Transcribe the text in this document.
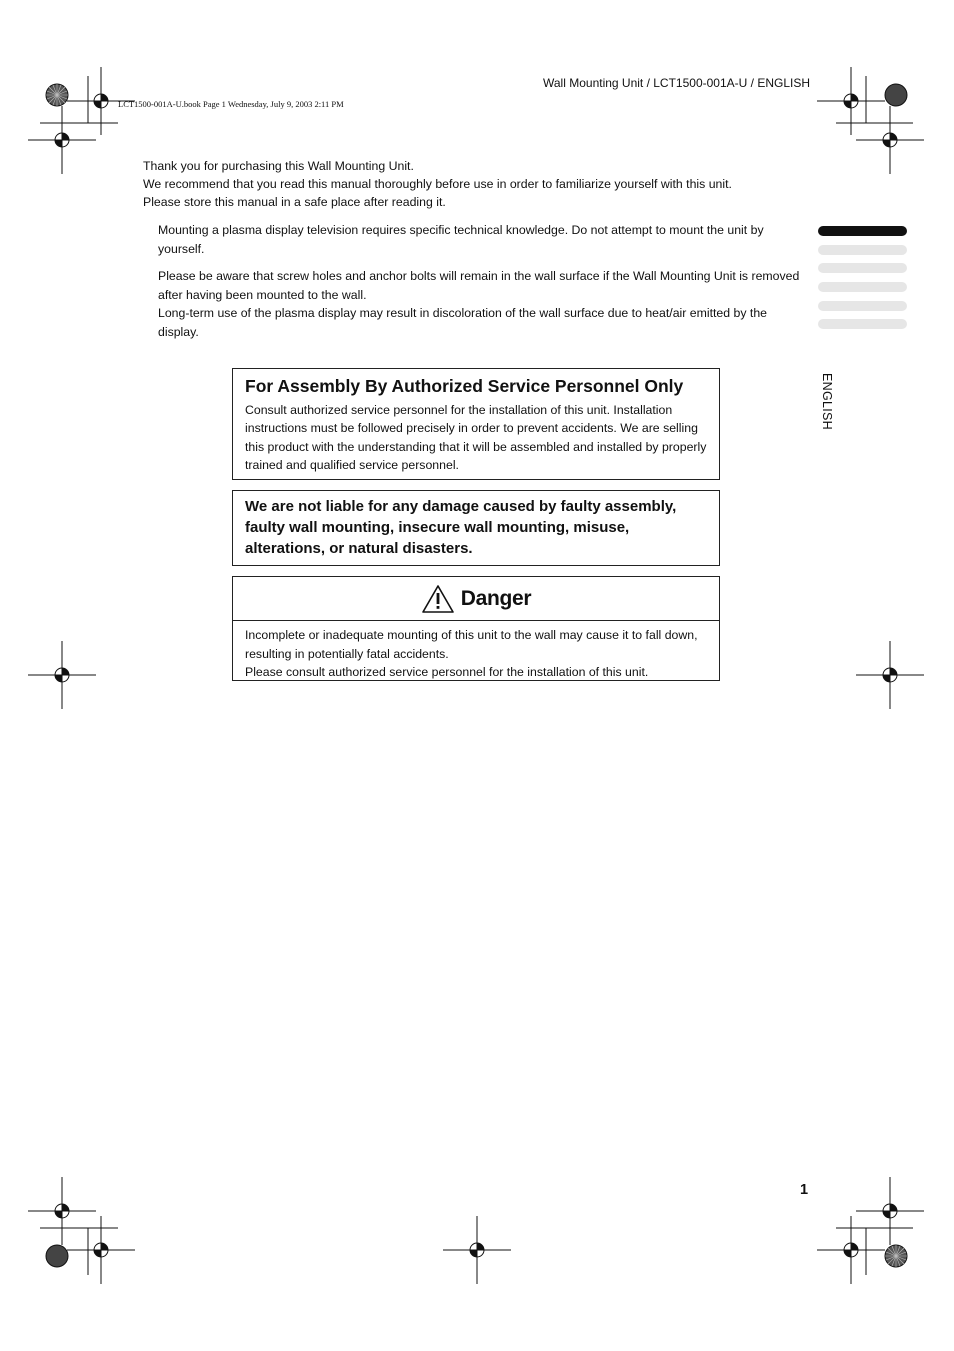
Wall Mounting Unit / LCT1500-001A-U / ENGLISH
LCT1500-001A-U.book Page 1 Wednesday, July 9, 2003 2:11 PM

Thank you for purchasing this Wall Mounting Unit.

We recommend that you read this manual thoroughly before use in order to familiarize yourself with this unit.

Please store this manual in a safe place after reading it.

Mounting a plasma display television requires specific technical knowledge. Do not attempt to mount the unit by yourself.

Please be aware that screw holes and anchor bolts will remain in the wall surface if the Wall Mounting Unit is removed after having been mounted to the wall.

Long-term use of the plasma display may result in discoloration of the wall surface due to heat/air emitted by the display.

For Assembly By Authorized Service Personnel Only

Consult authorized service personnel for the installation of this unit. Installation instructions must be followed precisely in order to prevent accidents. We are selling this product with the understanding that it will be assembled and installed by properly trained and qualified service personnel.

We are not liable for any damage caused by faulty assembly, faulty wall mounting, insecure wall mounting, misuse, alterations, or natural disasters.

Danger

Incomplete or inadequate mounting of this unit to the wall may cause it to fall down, resulting in potentially fatal accidents.

Please consult authorized service personnel for the installation of this unit.

ENGLISH
1
